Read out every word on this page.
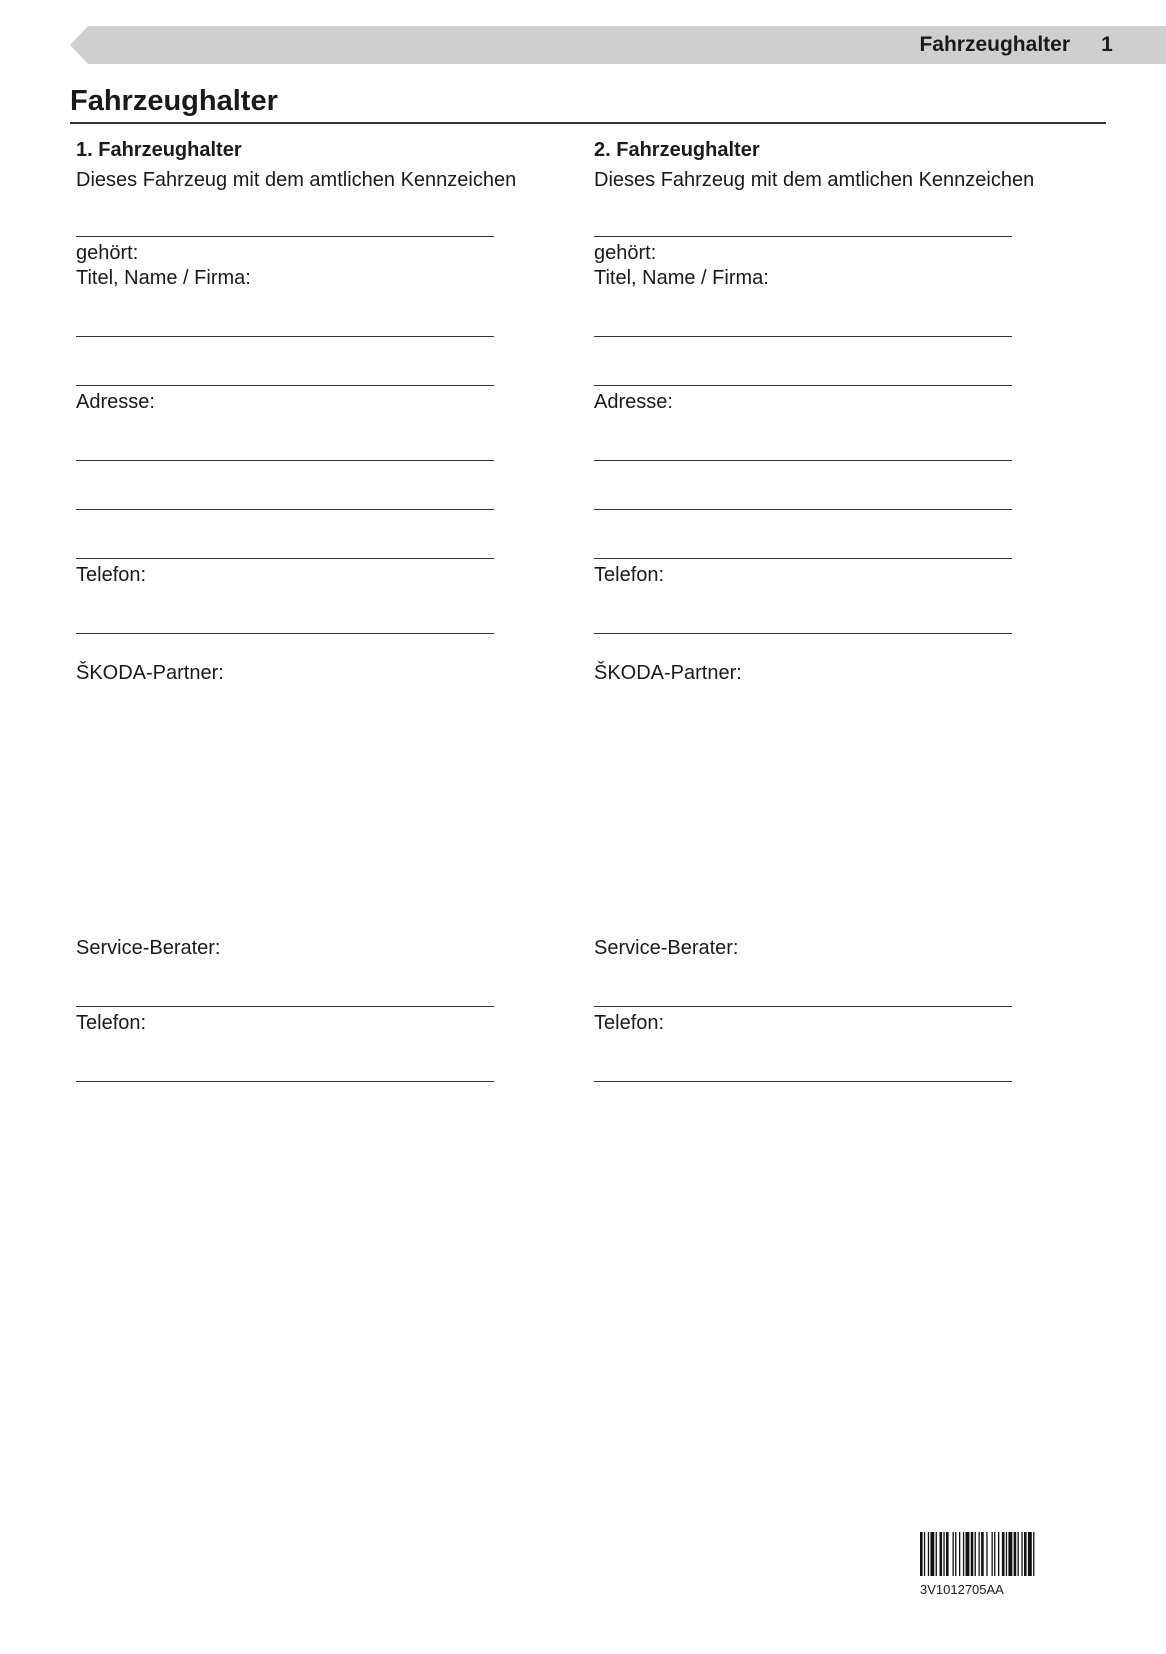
Fahrzeughalter	1
Fahrzeughalter
1. Fahrzeughalter
Dieses Fahrzeug mit dem amtlichen Kennzeichen
gehört:
Titel, Name / Firma:
Adresse:
Telefon:
ŠKODA-Partner:
Service-Berater:
Telefon:
2. Fahrzeughalter
Dieses Fahrzeug mit dem amtlichen Kennzeichen
gehört:
Titel, Name / Firma:
Adresse:
Telefon:
ŠKODA-Partner:
Service-Berater:
Telefon:
3V1012705AA
